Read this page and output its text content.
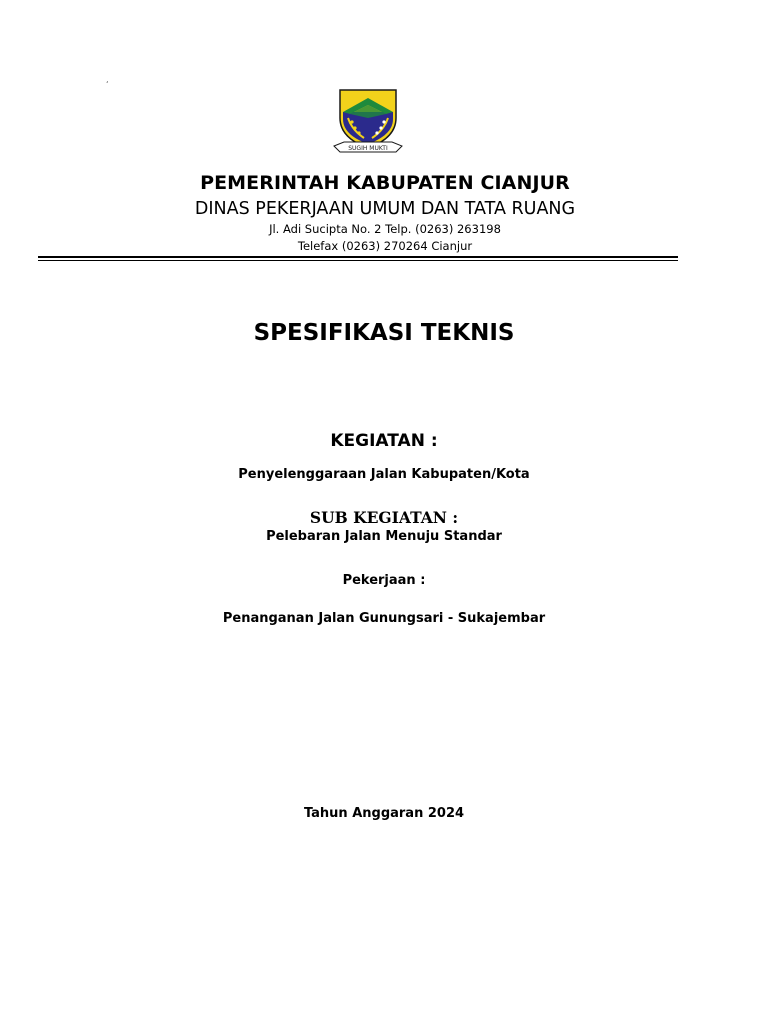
‘
SUGIH MUKTI
PEMERINTAH KABUPATEN CIANJUR
DINAS PEKERJAAN UMUM DAN TATA RUANG
Jl. Adi Sucipta No. 2 Telp. (0263) 263198
Telefax (0263) 270264 Cianjur
SPESIFIKASI TEKNIS
KEGIATAN :
Penyelenggaraan Jalan Kabupaten/Kota
SUB KEGIATAN :
Pelebaran Jalan Menuju Standar
Pekerjaan :
Penanganan Jalan Gunungsari - Sukajembar
Tahun Anggaran 2024
